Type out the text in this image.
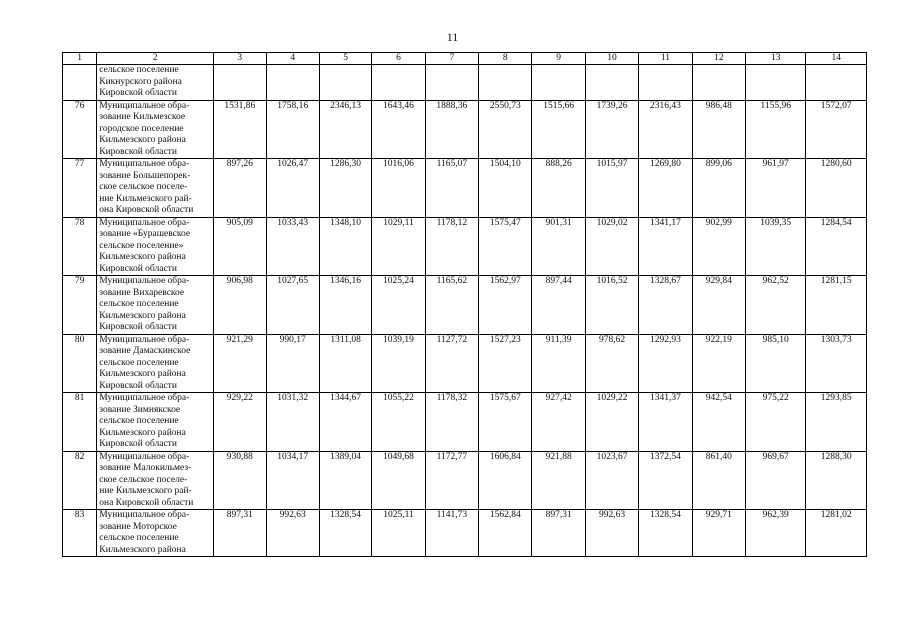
11
1	2	3	4	5	6	7	8	9	10	11	12	13	14
	сельское поселение
Кикнурского района
Кировской области												
76	Муниципальное обра-
зование Кильмезское
городское поселение
Кильмезского района
Кировской области	1531,86	1758,16	2346,13	1643,46	1888,36	2550,73	1515,66	1739,26	2316,43	986,48	1155,96	1572,07
77	Муниципальное обра-
зование Большепорек-
ское сельское поселе-
ние Кильмезского рай-
она Кировской области	897,26	1026,47	1286,30	1016,06	1165,07	1504,10	888,26	1015,97	1269,80	899,06	961,97	1280,60
78	Муниципальное обра-
зование «Бурашевское
сельское поселение»
Кильмезского района
Кировской области	905,09	1033,43	1348,10	1029,11	1178,12	1575,47	901,31	1029,02	1341,17	902,99	1039,35	1284,54
79	Муниципальное обра-
зование Вихаревское
сельское поселение
Кильмезского района
Кировской области	906,98	1027,65	1346,16	1025,24	1165,62	1562,97	897,44	1016,52	1328,67	929,84	962,52	1281,15
80	Муниципальное обра-
зование Дамаскинское
сельское поселение
Кильмезского района
Кировской области	921,29	990,17	1311,08	1039,19	1127,72	1527,23	911,39	978,62	1292,93	922,19	985,10	1303,73
81	Муниципальное обра-
зование Зимнякское
сельское поселение
Кильмезского района
Кировской области	929,22	1031,32	1344,67	1055,22	1178,32	1575,67	927,42	1029,22	1341,37	942,54	975,22	1293,85
82	Муниципальное обра-
зование Малокильмез-
ское сельское поселе-
ние Кильмезского рай-
она Кировской области	930,88	1034,17	1389,04	1049,68	1172,77	1606,84	921,88	1023,67	1372,54	861,40	969,67	1288,30
83	Муниципальное обра-
зование Моторское
сельское поселение
Кильмезского района	897,31	992,63	1328,54	1025,11	1141,73	1562,84	897,31	992,63	1328,54	929,71	962,39	1281,02
